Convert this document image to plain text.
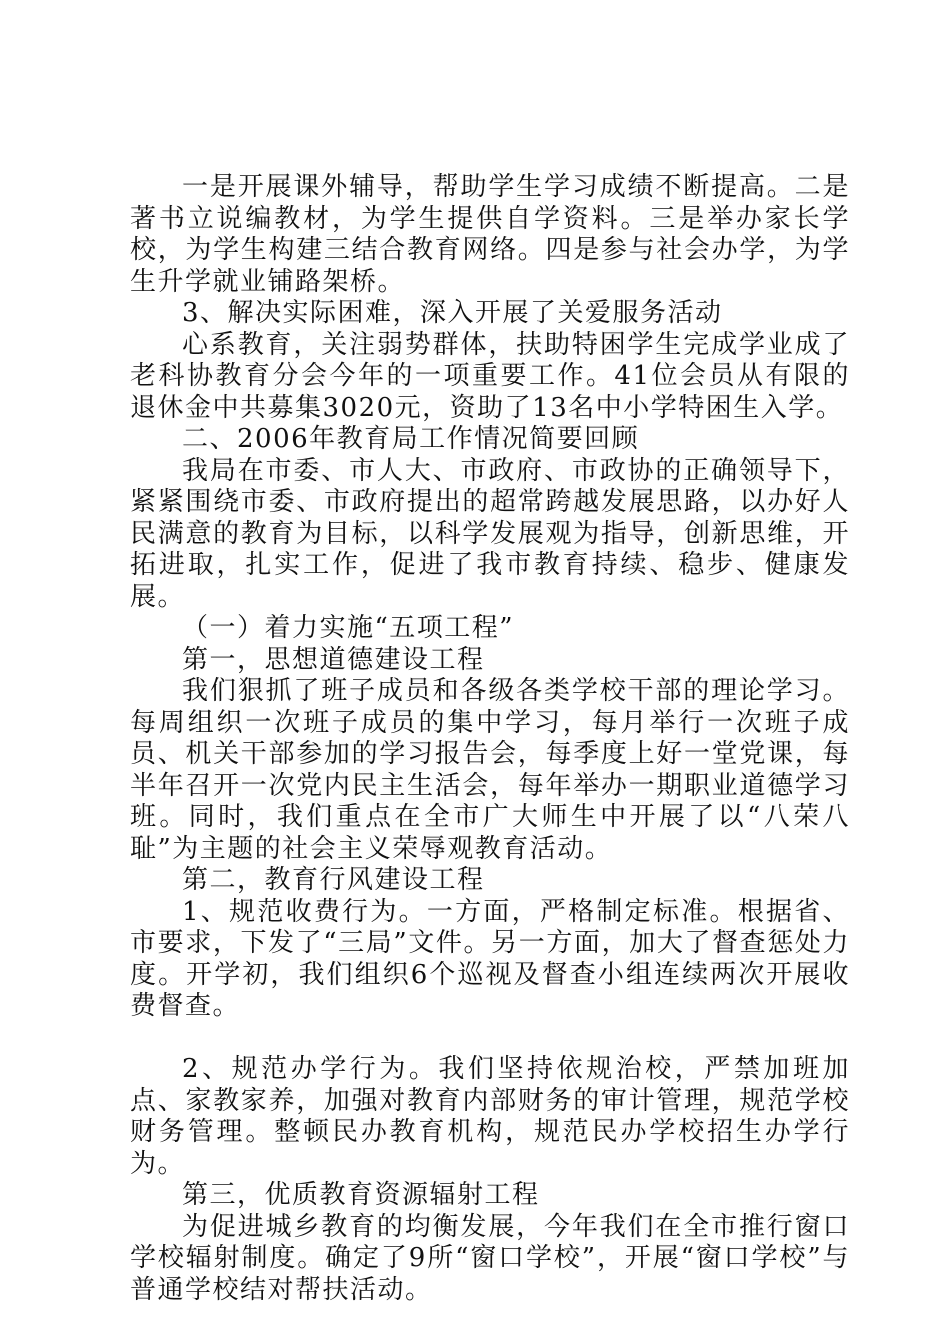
一是开展课外辅导，帮助学生学习成绩不断提高。二是著书立说编教材，为学生提供自学资料。三是举办家长学校，为学生构建三结合教育网络。四是参与社会办学，为学生升学就业铺路架桥。

3、解决实际困难，深入开展了关爱服务活动

心系教育，关注弱势群体，扶助特困学生完成学业成了老科协教育分会今年的一项重要工作。41位会员从有限的退休金中共募集3020元，资助了13名中小学特困生入学。

二、2006年教育局工作情况简要回顾

我局在市委、市人大、市政府、市政协的正确领导下，紧紧围绕市委、市政府提出的超常跨越发展思路，以办好人民满意的教育为目标，以科学发展观为指导，创新思维，开拓进取，扎实工作，促进了我市教育持续、稳步、健康发展。

（一）着力实施“五项工程”

第一，思想道德建设工程

我们狠抓了班子成员和各级各类学校干部的理论学习。每周组织一次班子成员的集中学习，每月举行一次班子成员、机关干部参加的学习报告会，每季度上好一堂党课，每半年召开一次党内民主生活会，每年举办一期职业道德学习班。同时，我们重点在全市广大师生中开展了以“八荣八耻”为主题的社会主义荣辱观教育活动。

第二，教育行风建设工程

1、规范收费行为。一方面，严格制定标准。根据省、市要求，下发了“三局”文件。另一方面，加大了督查惩处力度。开学初，我们组织6个巡视及督查小组连续两次开展收费督查。

2、规范办学行为。我们坚持依规治校，严禁加班加点、家教家养，加强对教育内部财务的审计管理，规范学校财务管理。整顿民办教育机构，规范民办学校招生办学行为。

第三，优质教育资源辐射工程

为促进城乡教育的均衡发展，今年我们在全市推行窗口学校辐射制度。确定了9所“窗口学校”，开展“窗口学校”与普通学校结对帮扶活动。
